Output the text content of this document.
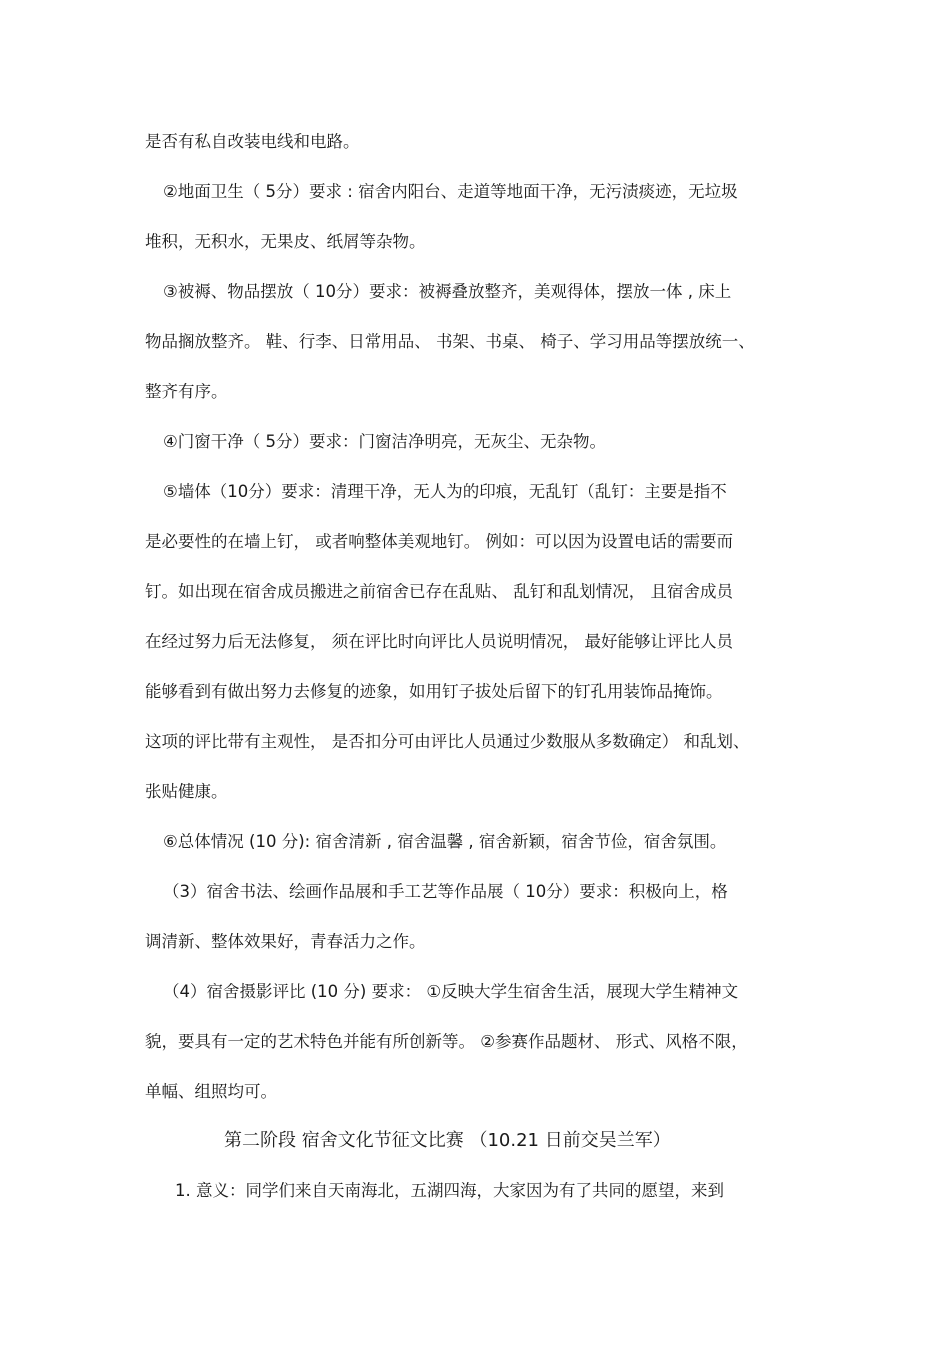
是否有私自改装电线和电路。
②地面卫生（ 5分）要求 : 宿舍内阳台、走道等地面干净，无污渍痰迹，无垃圾
堆积，无积水，无果皮、纸屑等杂物。
③被褥、物品摆放（ 10分）要求：被褥叠放整齐，美观得体，摆放一体 , 床上
物品搁放整齐。 鞋、行李、日常用品、 书架、书桌、 椅子、学习用品等摆放统一、
整齐有序。
④门窗干净（ 5分）要求：门窗洁净明亮，无灰尘、无杂物。
⑤墙体（10分）要求：清理干净，无人为的印痕，无乱钉（乱钉：主要是指不
是必要性的在墙上钉， 或者响整体美观地钉。 例如：可以因为设置电话的需要而
钉。如出现在宿舍成员搬进之前宿舍已存在乱贴、 乱钉和乱划情况， 且宿舍成员
在经过努力后无法修复， 须在评比时向评比人员说明情况， 最好能够让评比人员
能够看到有做出努力去修复的迹象，如用钉子拔处后留下的钉孔用装饰品掩饰。
这项的评比带有主观性， 是否扣分可由评比人员通过少数服从多数确定） 和乱划、
张贴健康。
⑥总体情况 (10 分): 宿舍清新 , 宿舍温馨 , 宿舍新颖，宿舍节俭，宿舍氛围。
（3）宿舍书法、绘画作品展和手工艺等作品展（ 10分）要求：积极向上，格
调清新、整体效果好，青春活力之作。
（4）宿舍摄影评比 (10 分) 要求： ①反映大学生宿舍生活，展现大学生精神文
貌，要具有一定的艺术特色并能有所创新等。 ②参赛作品题材、 形式、风格不限，
单幅、组照均可。
第二阶段 宿舍文化节征文比赛 （10.21 日前交吴兰军）
1. 意义：同学们来自天南海北，五湖四海，大家因为有了共同的愿望，来到
